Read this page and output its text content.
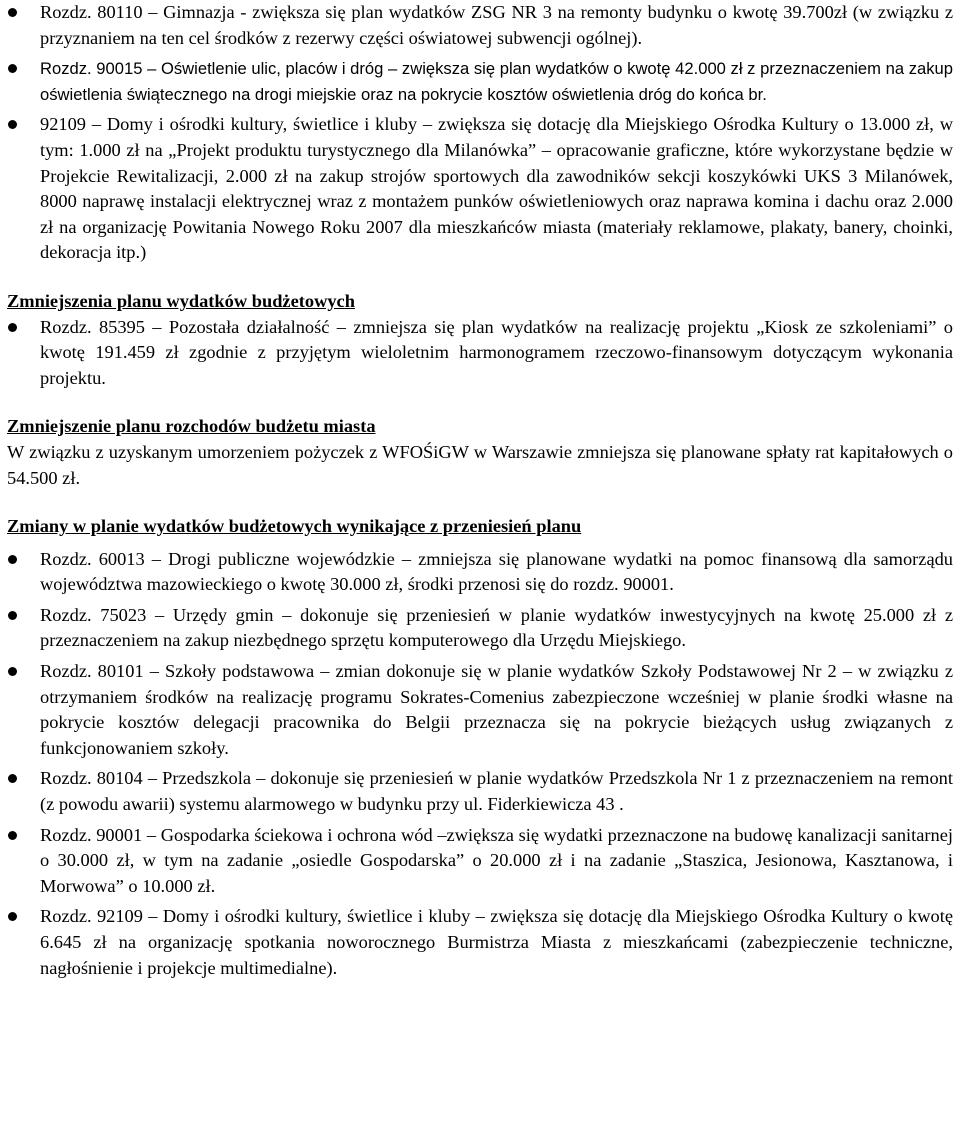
Rozdz. 80110 – Gimnazja - zwiększa się plan wydatków ZSG NR 3 na remonty budynku o kwotę 39.700zł (w związku z przyznaniem na ten cel środków z rezerwy części oświatowej subwencji ogólnej).
Rozdz. 90015 – Oświetlenie ulic, placów i dróg – zwiększa się plan wydatków o kwotę 42.000 zł z przeznaczeniem na zakup oświetlenia świątecznego na drogi miejskie oraz na pokrycie kosztów oświetlenia dróg do końca br.
92109 – Domy i ośrodki kultury, świetlice i kluby – zwiększa się dotację dla Miejskiego Ośrodka Kultury o 13.000 zł, w tym: 1.000 zł na „Projekt produktu turystycznego dla Milanówka” – opracowanie graficzne, które wykorzystane będzie w Projekcie Rewitalizacji, 2.000 zł na zakup strojów sportowych dla zawodników sekcji koszykówki UKS 3 Milanówek, 8000 naprawę instalacji elektrycznej wraz z montażem punków oświetleniowych oraz naprawa komina i dachu oraz 2.000 zł na organizację Powitania Nowego Roku 2007 dla mieszkańców miasta (materiały reklamowe, plakaty, banery, choinki, dekoracja itp.)
Zmniejszenia planu wydatków budżetowych
Rozdz. 85395 – Pozostała działalność – zmniejsza się plan wydatków na realizację projektu „Kiosk ze szkoleniami” o kwotę 191.459 zł zgodnie z przyjętym wieloletnim harmonogramem rzeczowo-finansowym dotyczącym wykonania projektu.
Zmniejszenie planu rozchodów budżetu miasta

W związku z uzyskanym umorzeniem pożyczek z WFOŚiGW w Warszawie zmniejsza się planowane spłaty rat kapitałowych o 54.500 zł.

Zmiany w planie wydatków budżetowych wynikające z przeniesień planu
Rozdz. 60013 – Drogi publiczne wojewódzkie – zmniejsza się planowane wydatki na pomoc finansową dla samorządu województwa mazowieckiego o kwotę 30.000 zł, środki przenosi się do rozdz. 90001.
Rozdz. 75023 – Urzędy gmin – dokonuje się przeniesień w planie wydatków inwestycyjnych na kwotę 25.000 zł z przeznaczeniem na zakup niezbędnego sprzętu komputerowego dla Urzędu Miejskiego.
Rozdz. 80101 – Szkoły podstawowa – zmian dokonuje się w planie wydatków Szkoły Podstawowej Nr 2 – w związku z otrzymaniem środków na realizację programu Sokrates-Comenius zabezpieczone wcześniej w planie środki własne na pokrycie kosztów delegacji pracownika do Belgii przeznacza się na pokrycie bieżących usług związanych z funkcjonowaniem szkoły.
Rozdz. 80104 – Przedszkola – dokonuje się przeniesień w planie wydatków Przedszkola Nr 1 z przeznaczeniem na remont (z powodu awarii) systemu alarmowego w budynku przy ul. Fiderkiewicza 43 .
Rozdz. 90001 – Gospodarka ściekowa i ochrona wód –zwiększa się wydatki przeznaczone na budowę kanalizacji sanitarnej o 30.000 zł, w tym na zadanie „osiedle Gospodarska” o 20.000 zł i na zadanie „Staszica, Jesionowa, Kasztanowa, i Morwowa” o 10.000 zł.
Rozdz. 92109 – Domy i ośrodki kultury, świetlice i kluby – zwiększa się dotację dla Miejskiego Ośrodka Kultury o kwotę 6.645 zł na organizację spotkania noworocznego Burmistrza Miasta z mieszkańcami (zabezpieczenie techniczne, nagłośnienie i projekcje multimedialne).
